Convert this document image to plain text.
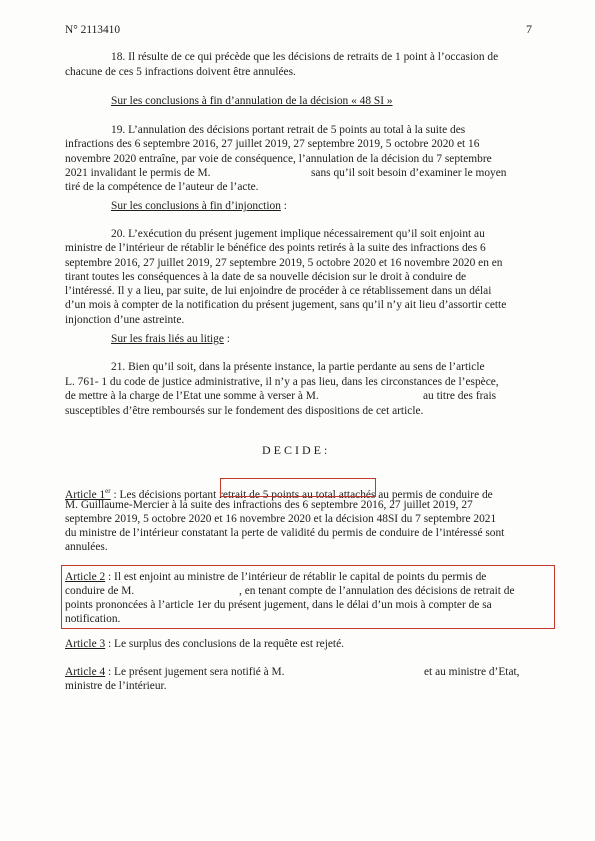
N° 2113410	7
18. Il résulte de ce qui précède que les décisions de retraits de 1 point à l’occasion de
chacune de ces 5 infractions doivent être annulées.
Sur les conclusions à fin d’annulation de la décision « 48 SI »
19. L’annulation des décisions portant retrait de 5 points au total à la suite des
infractions des 6 septembre 2016, 27 juillet 2019, 27 septembre 2019, 5 octobre 2020 et 16
novembre 2020 entraîne, par voie de conséquence, l’annulation de la décision du 7 septembre
2021 invalidant le permis de M.	sans qu’il soit besoin d’examiner le moyen
tiré de la compétence de l’auteur de l’acte.
Sur les conclusions à fin d’injonction :
20. L’exécution du présent jugement implique nécessairement qu’il soit enjoint au
ministre de l’intérieur de rétablir le bénéfice des points retirés à la suite des infractions des 6
septembre 2016, 27 juillet 2019, 27 septembre 2019, 5 octobre 2020 et 16 novembre 2020 en en
tirant toutes les conséquences à la date de sa nouvelle décision sur le droit à conduire de
l’intéressé. Il y a lieu, par suite, de lui enjoindre de procéder à ce rétablissement dans un délai
d’un mois à compter de la notification du présent jugement, sans qu’il n’y ait lieu d’assortir cette
injonction d’une astreinte.
Sur les frais liés au litige :
21. Bien qu’il soit, dans la présente instance, la partie perdante au sens de l’article
L. 761- 1 du code de justice administrative, il n’y a pas lieu, dans les circonstances de l’espèce,
de mettre à la charge de l’Etat une somme à verser à M.	au titre des frais
susceptibles d’être remboursés sur le fondement des dispositions de cet article.
DECIDE:
Article 1er : Les décisions portant retrait de 5 points au total attachés au permis de conduire de
M. Guillaume-Mercier à la suite des infractions des 6 septembre 2016, 27 juillet 2019, 27
septembre 2019, 5 octobre 2020 et 16 novembre 2020 et la décision 48SI du 7 septembre 2021
du ministre de l’intérieur constatant la perte de validité du permis de conduire de l’intéressé sont
annulées.
Article 2 : Il est enjoint au ministre de l’intérieur de rétablir le capital de points du permis de
conduire de M.	, en tenant compte de l’annulation des décisions de retrait de
points prononcées à l’article 1er du présent jugement, dans le délai d’un mois à compter de sa
notification.
Article 3 : Le surplus des conclusions de la requête est rejeté.
Article 4 : Le présent jugement sera notifié à M.	et au ministre d’Etat,
ministre de l’intérieur.
